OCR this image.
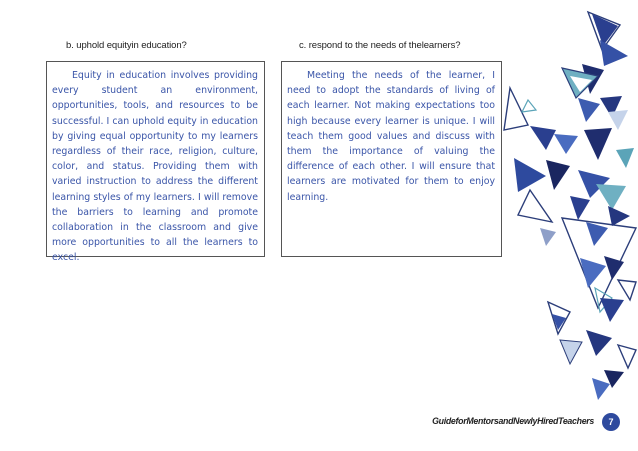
b. uphold equityin education?	c. respond to the needs of thelearners?

Equity in education involves providing every student an environment, opportunities, tools, and resources to be successful. I can uphold equity in education by giving equal opportunity to my learners regardless of their race, religion, culture, color, and status. Providing them with varied instruction to address the different learning styles of my learners. I will remove the barriers to learning and promote collaboration in the classroom and give more opportunities to all the learners to excel.

Meeting the needs of the learner, I need to adopt the standards of living of each learner. Not making expectations too high because every learner is unique. I will teach them good values and discuss with them the importance of valuing the difference of each other. I will ensure that learners are motivated for them to enjoy learning.

GuideforMentorsandNewlyHiredTeachers	7
